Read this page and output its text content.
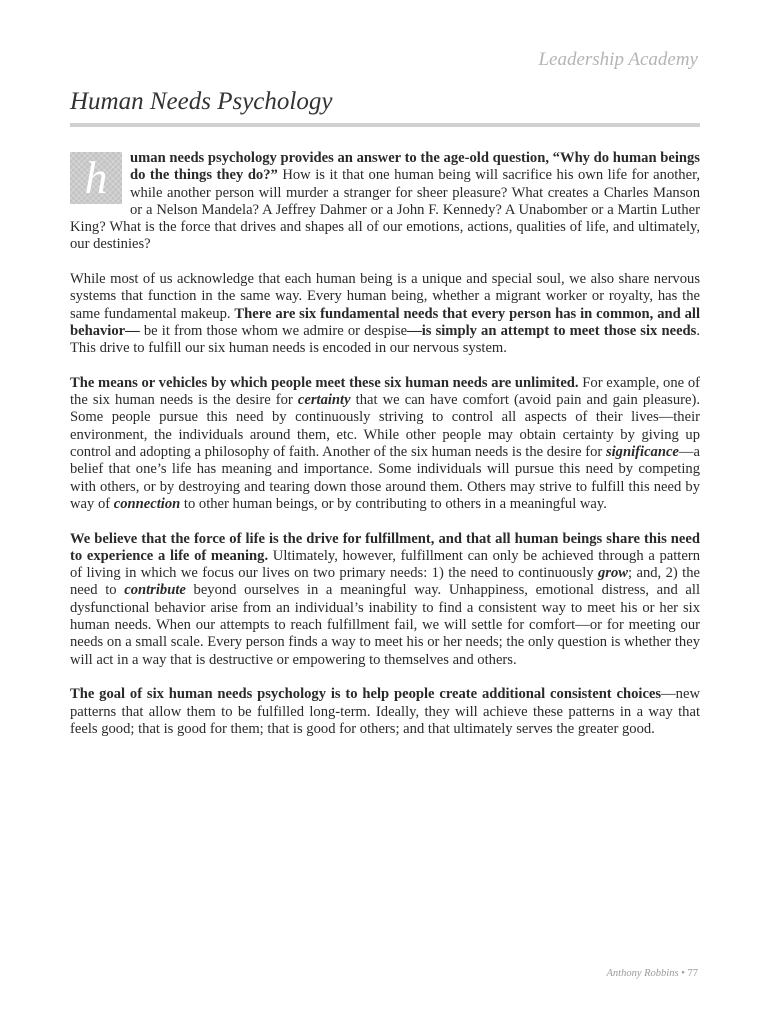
Leadership Academy
Human Needs Psychology

h	uman needs psychology provides an answer to the age-old question, “Why do human beings do the things they do?” How is it that one human being will sacrifice his own life for another, while another person will murder a stranger for sheer pleasure? What creates a Charles Manson or a Nelson Mandela? A Jeffrey Dahmer or a John F. Kennedy? A Unabomber or a Martin Luther King? What is the force that drives and shapes all of our emotions, actions, qualities of life, and ultimately, our destinies?

While most of us acknowledge that each human being is a unique and special soul, we also share nervous systems that function in the same way. Every human being, whether a migrant worker or royalty, has the same fundamental makeup. There are six fundamental needs that every person has in common, and all behavior— be it from those whom we admire or despise—is simply an attempt to meet those six needs. This drive to fulfill our six human needs is encoded in our nervous system.

The means or vehicles by which people meet these six human needs are unlimited. For example, one of the six human needs is the desire for certainty that we can have comfort (avoid pain and gain pleasure). Some people pursue this need by continuously striving to control all aspects of their lives—their environment, the individuals around them, etc. While other people may obtain certainty by giving up control and adopting a philosophy of faith. Another of the six human needs is the desire for significance—a belief that one’s life has meaning and importance. Some individuals will pursue this need by competing with others, or by destroying and tearing down those around them. Others may strive to fulfill this need by way of connection to other human beings, or by contributing to others in a meaningful way.

We believe that the force of life is the drive for fulfillment, and that all human beings share this need to experience a life of meaning. Ultimately, however, fulfillment can only be achieved through a pattern of living in which we focus our lives on two primary needs: 1) the need to continuously grow; and, 2) the need to contribute beyond ourselves in a meaningful way. Unhappiness, emotional distress, and all dysfunctional behavior arise from an individual’s inability to find a consistent way to meet his or her six human needs. When our attempts to reach fulfillment fail, we will settle for comfort—or for meeting our needs on a small scale. Every person finds a way to meet his or her needs; the only question is whether they will act in a way that is destructive or empowering to themselves and others.

The goal of six human needs psychology is to help people create additional consistent choices—new patterns that allow them to be fulfilled long-term. Ideally, they will achieve these patterns in a way that feels good; that is good for them; that is good for others; and that ultimately serves the greater good.

Anthony Robbins • 77
